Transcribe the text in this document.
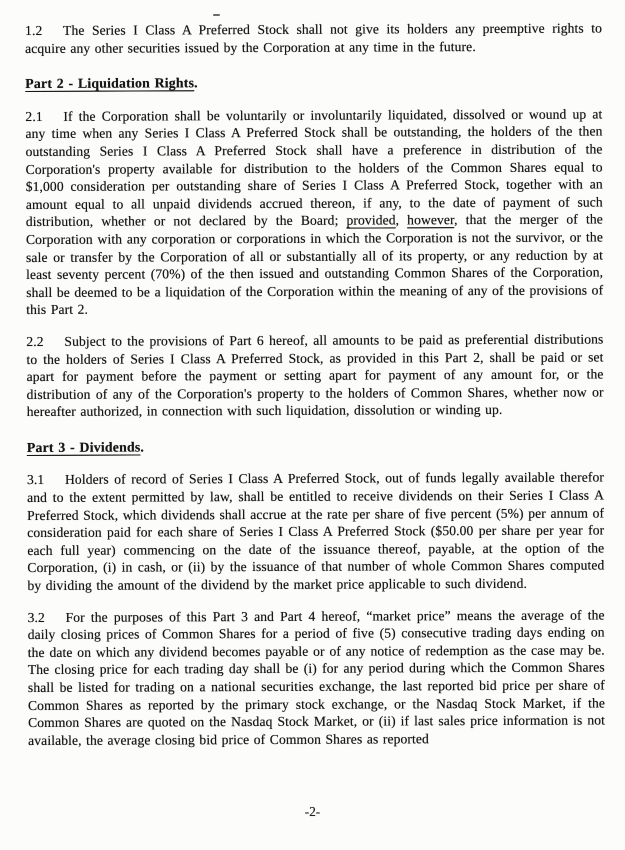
1.2 The Series I Class A Preferred Stock shall not give its holders any preemptive rights to acquire any other securities issued by the Corporation at any time in the future.

Part 2 - Liquidation Rights.

2.1 If the Corporation shall be voluntarily or involuntarily liquidated, dissolved or wound up at any time when any Series I Class A Preferred Stock shall be outstanding, the holders of the then outstanding Series I Class A Preferred Stock shall have a preference in distribution of the Corporation's property available for distribution to the holders of the Common Shares equal to $1,000 consideration per outstanding share of Series I Class A Preferred Stock, together with an amount equal to all unpaid dividends accrued thereon, if any, to the date of payment of such distribution, whether or not declared by the Board; provided, however, that the merger of the Corporation with any corporation or corporations in which the Corporation is not the survivor, or the sale or transfer by the Corporation of all or substantially all of its property, or any reduction by at least seventy percent (70%) of the then issued and outstanding Common Shares of the Corporation, shall be deemed to be a liquidation of the Corporation within the meaning of any of the provisions of this Part 2.

2.2 Subject to the provisions of Part 6 hereof, all amounts to be paid as preferential distributions to the holders of Series I Class A Preferred Stock, as provided in this Part 2, shall be paid or set apart for payment before the payment or setting apart for payment of any amount for, or the distribution of any of the Corporation's property to the holders of Common Shares, whether now or hereafter authorized, in connection with such liquidation, dissolution or winding up.

Part 3 - Dividends.

3.1 Holders of record of Series I Class A Preferred Stock, out of funds legally available therefor and to the extent permitted by law, shall be entitled to receive dividends on their Series I Class A Preferred Stock, which dividends shall accrue at the rate per share of five percent (5%) per annum of consideration paid for each share of Series I Class A Preferred Stock ($50.00 per share per year for each full year) commencing on the date of the issuance thereof, payable, at the option of the Corporation, (i) in cash, or (ii) by the issuance of that number of whole Common Shares computed by dividing the amount of the dividend by the market price applicable to such dividend.

3.2 For the purposes of this Part 3 and Part 4 hereof, “market price” means the average of the daily closing prices of Common Shares for a period of five (5) consecutive trading days ending on the date on which any dividend becomes payable or of any notice of redemption as the case may be. The closing price for each trading day shall be (i) for any period during which the Common Shares shall be listed for trading on a national securities exchange, the last reported bid price per share of Common Shares as reported by the primary stock exchange, or the Nasdaq Stock Market, if the Common Shares are quoted on the Nasdaq Stock Market, or (ii) if last sales price information is not available, the average closing bid price of Common Shares as reported

-2-
